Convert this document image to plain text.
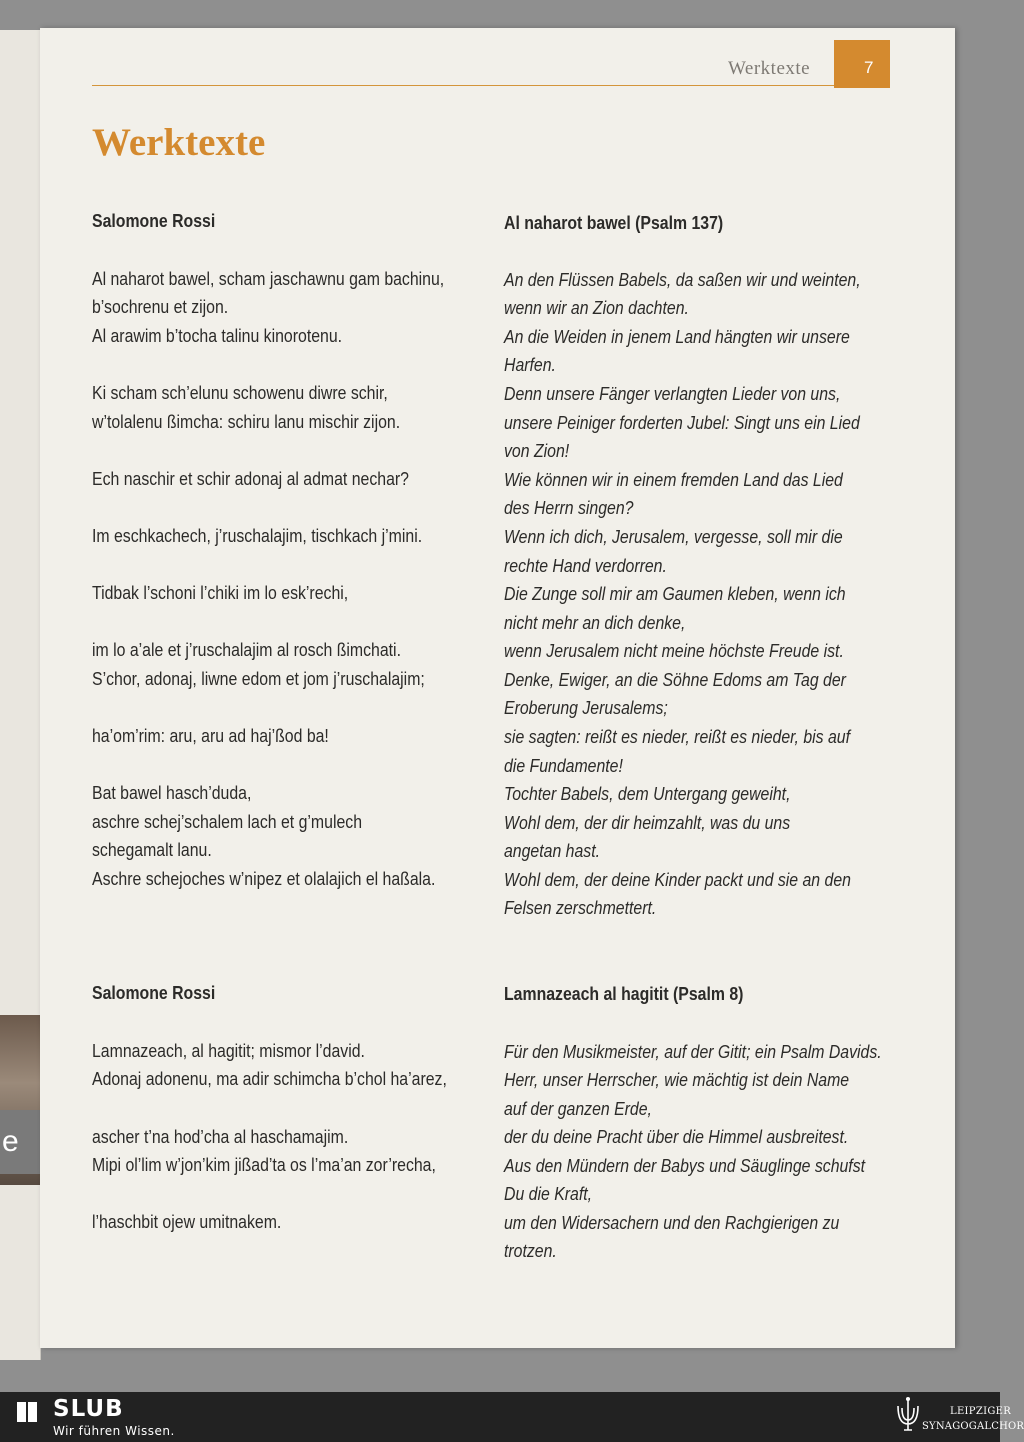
e
Werktexte	7
Werktexte
Salomone Rossi
Al naharot bawel, scham jaschawnu gam bachinu,
b’sochrenu et zijon.
Al arawim b’tocha talinu kinorotenu.
Ki scham sch’elunu schowenu diwre schir,
w’tolalenu ßimcha: schiru lanu mischir zijon.
Ech naschir et schir adonaj al admat nechar?
Im eschkachech, j’ruschalajim, tischkach j’mini.
Tidbak l’schoni l’chiki im lo esk’rechi,
im lo a’ale et j’ruschalajim al rosch ßimchati.
S’chor, adonaj, liwne edom et jom j’ruschalajim;
ha’om’rim: aru, aru ad haj’ßod ba!
Bat bawel hasch’duda,
aschre schej’schalem lach et g’mulech
schegamalt lanu.
Aschre schejoches w’nipez et olalajich el haßala.
Salomone Rossi
Lamnazeach, al hagitit; mismor l’david.
Adonaj adonenu, ma adir schimcha b’chol ha’arez,
ascher t’na hod’cha al haschamajim.
Mipi ol’lim w’jon’kim jißad’ta os l’ma’an zor’recha,
l’haschbit ojew umitnakem.
Al naharot bawel (Psalm 137)
An den Flüssen Babels, da saßen wir und weinten,
wenn wir an Zion dachten.
An die Weiden in jenem Land hängten wir unsere
Harfen.
Denn unsere Fänger verlangten Lieder von uns,
unsere Peiniger forderten Jubel: Singt uns ein Lied
von Zion!
Wie können wir in einem fremden Land das Lied
des Herrn singen?
Wenn ich dich, Jerusalem, vergesse, soll mir die
rechte Hand verdorren.
Die Zunge soll mir am Gaumen kleben, wenn ich
nicht mehr an dich denke,
wenn Jerusalem nicht meine höchste Freude ist.
Denke, Ewiger, an die Söhne Edoms am Tag der
Eroberung Jerusalems;
sie sagten: reißt es nieder, reißt es nieder, bis auf
die Fundamente!
Tochter Babels, dem Untergang geweiht,
Wohl dem, der dir heimzahlt, was du uns
angetan hast.
Wohl dem, der deine Kinder packt und sie an den
Felsen zerschmettert.
Lamnazeach al hagitit (Psalm 8)
Für den Musikmeister, auf der Gitit; ein Psalm Davids.
Herr, unser Herrscher, wie mächtig ist dein Name
auf der ganzen Erde,
der du deine Pracht über die Himmel ausbreitest.
Aus den Mündern der Babys und Säuglinge schufst
Du die Kraft,
um den Widersachern und den Rachgierigen zu
trotzen.
SLUB
Wir führen Wissen.
LEIPZIGER
SYNAGOGALCHOR
